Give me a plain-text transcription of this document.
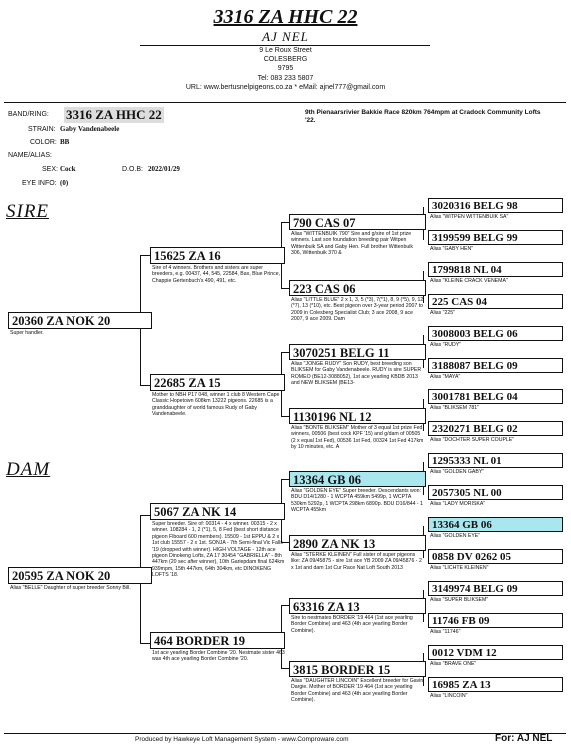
3316 ZA HHC 22
AJ NEL
9 Le Roux Street
COLESBERG
9795
Tel: 083 233 5807
URL: www.bertusnelpigeons.co.za * eMail: ajnel777@gmail.com
BAND/RING: 3316 ZA HHC 22
STRAIN: Gaby Vandenabeele
COLOR: BB
NAME/ALIAS:
SEX: Cock	D.O.B: 2022/01/29
EYE INFO: (0)
9th Pienaarsrivier Bakkie Race 820km 764mpm at Cradock Community Lofts '22.
SIRE
DAM
20360 ZA NOK 20
Super handler.
20595 ZA NOK 20
Alias "BELLE" Daughter of super breeder Sonny Bill.
15625 ZA 16
Sire of 4 winners. Brothers and sisters are super breeders, e.g. 00437, 44, 545, 22584, Bax, Blue Prince, Chappie Gertenbuch's 490, 491, etc.
22685 ZA 15
Mother to NBH P17 048, winner 1 club 8 Western Cape Classic Hopetown 608km 13222 pigeons. 22685 is a granddaughter of world famous Rudy of Gaby Vandenabeele.
5067 ZA NK 14
Super breeder. Sire of: 00314 - 4 x winner. 00315 - 2 x winner. 108284 - 1, 2 (*1), 5, 8 Fed (best short distance pigeon Flboard 600 members). 15509 - 1st EPPU & 2 x 1st club 15557 - 2 x 1st. SONJA - 7th Semi-final Vic Falls '19 (dropped with winner). HIGH VOLTAGE - 12th ace pigeon Dinokeng Lofts, ZA 17 30454 "GABRIELLA" - 8th 447km (20 sec after winner), 10th Gariepdam final 624km 939mpm, 15th 447km, 64th 304km, etc DINOKENG LOFTS '18.
464 BORDER 19
1st ace yearling Border Combine '20. Nestmate sister 463 was 4th ace yearling Border Combine '20.
790 CAS 07
Alias "WITTENBUIK 790" Sire and g/sire of 1st prize winners. Last son foundation breeding pair Witpen Wittenbuik SA and Gaby Hen. Full brother Wittenbuik 306, Wittenbuik 370 &
223 CAS 06
Alias "LITTLE BLUE" 2 x 1, 3, 5 (*3), 7(*1), 8, 9 (*5), 9, 12 (*7), 13 (*10), etc. Best pigeon over 3-year period 2007 to 2009 in Colesberg Specialist Club; 3 ace 2008, 9 ace 2007, 9 ace 2009. Dam
3070251 BELG 11
Alias "JONGE RUDY" Son RUDY, best breeding son BLIKSEM for Gaby Vandenabeele. RUDY is sire SUPER ROMEO (BE12-3088052), 1st ace yearling KBDB 2013 and NEW BLIKSEM (BE13-
1130196 NL 12
Alias "BONTE BLIKSEM" Mother of 3 equal 1st prize Fed winners, 00506 (best cock KPF '15) and g/dam of 00505 (2 x equal 1st Fed), 00536 1st Fed, 00324 1st Fed 417km by 10 minutes, etc. A
13364 GB 06
Alias "GOLDEN EYE" Super breeder. Descendants won: BDU D14/1280 - 1 WCPTA 459km 5499p, 1 WCPTA 530km 5292p, 1 WCPTA 298km 6890p. BDU D16/844 - 1 WCPTA 455km
2890 ZA NK 13
Alias "STERKE KLEINEN" Full sister of super pigeons like: ZA 09/45875 - sire 1st ace YB 2009 ZA 09/45876 - 2 x 1st and dam 1st Cur Race Nat Loft South 2013
63316 ZA 13
Sire to nestmates BORDER '19 464 (1st ace yearling Border Combine) and 463 (4th ace yearling Border Combine).
3815 BORDER 15
Alias "DAUGHTER LINCOIN" Excellent breeder for Gavin Dargie. Mother of BORDER '19 464 (1st ace yearling Border Combine) and 463 (4th ace yearling Border Combine).
3020316 BELG 98
Alias "WITPEN WITTENBUIK SA"
3199599 BELG 99
Alias "GABY HEN"
1799818 NL 04
Alias "KLEINE CRACK VENEMA"
225 CAS 04
Alias "225"
3008003 BELG 06
Alias "RUDY"
3188087 BELG 09
Alias "MAYA"
3001781 BELG 04
Alias "BLIKSEM 781"
2320271 BELG 02
Alias "DOCHTER SUPER COUPLE"
1295333 NL 01
Alias "GOLDEN GABY"
2057305 NL 00
Alias "LADY MORISKA"
13364 GB 06
Alias "GOLDEN EYE"
0858 DV 0262 05
Alias "LICHTE KLEINEN"
3149974 BELG 09
Alias "SUPER BLIKSEM"
11746 FB 09
Alias "11746"
0012 VDM 12
Alias "BRAVE ONE"
16985 ZA 13
Alias "LINCOIN"
Produced by Hawkeye Loft Management System - www.Comproware.com	For: AJ NEL
